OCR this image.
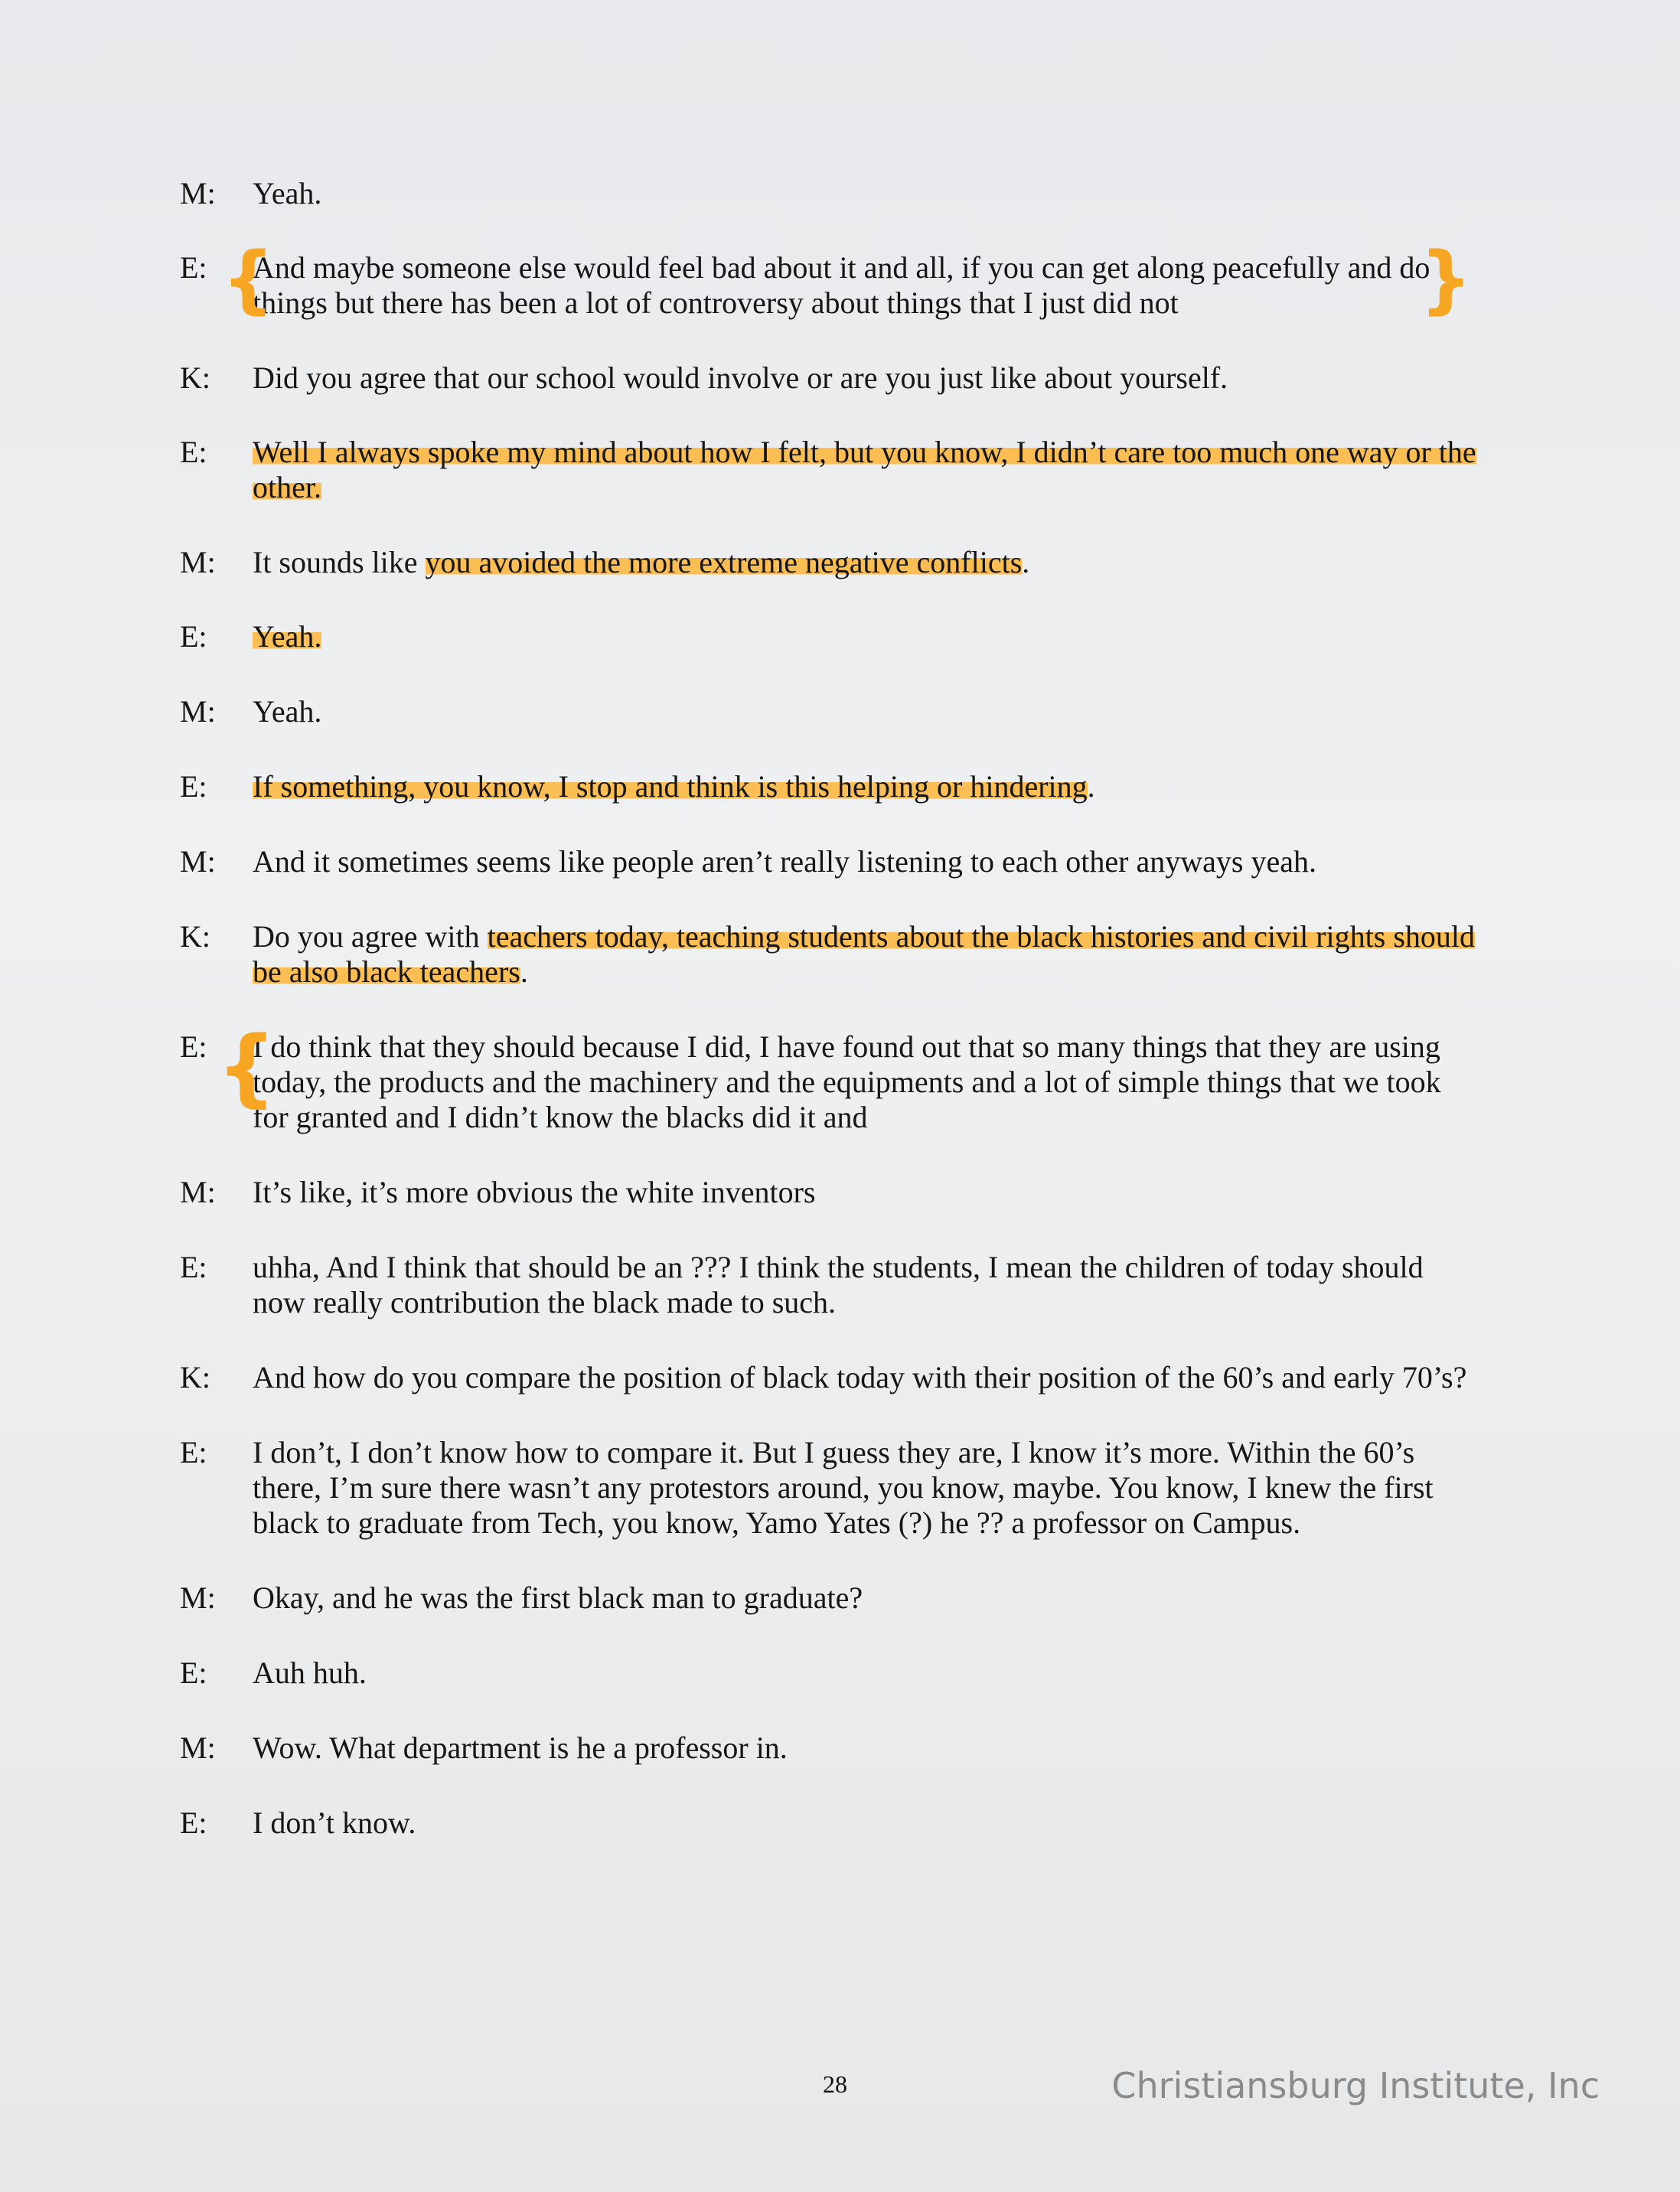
M:	Yeah.
E:	And maybe someone else would feel bad about it and all, if you can get along peacefully and do things but there has been a lot of controversy about things that I just did not
{	}
K:	Did you agree that our school would involve or are you just like about yourself.
E:	Well I always spoke my mind about how I felt, but you know, I didn’t care too much one way or the other.
M:	It sounds like you avoided the more extreme negative conflicts.
E:	Yeah.
M:	Yeah.
E:	If something, you know, I stop and think is this helping or hindering.
M:	And it sometimes seems like people aren’t really listening to each other anyways yeah.
K:	Do you agree with teachers today, teaching students about the black histories and civil rights should be also black teachers.
E:	I do think that they should because I did, I have found out that so many things that they are using today, the products and the machinery and the equipments and a lot of simple things that we took for granted and I didn’t know the blacks did it and
{
M:	It’s like, it’s more obvious the white inventors
E:	uhha, And I think that should be an ??? I think the students, I mean the children of today should now really contribution the black made to such.
K:	And how do you compare the position of black today with their position of the 60’s and early 70’s?
E:	I don’t, I don’t know how to compare it. But I guess they are, I know it’s more. Within the 60’s there, I’m sure there wasn’t any protestors around, you know, maybe. You know, I knew the first black to graduate from Tech, you know, Yamo Yates (?) he ?? a professor on Campus.
M:	Okay, and he was the first black man to graduate?
E:	Auh huh.
M:	Wow. What department is he a professor in.
E:	I don’t know.
28	Christiansburg Institute, Inc
